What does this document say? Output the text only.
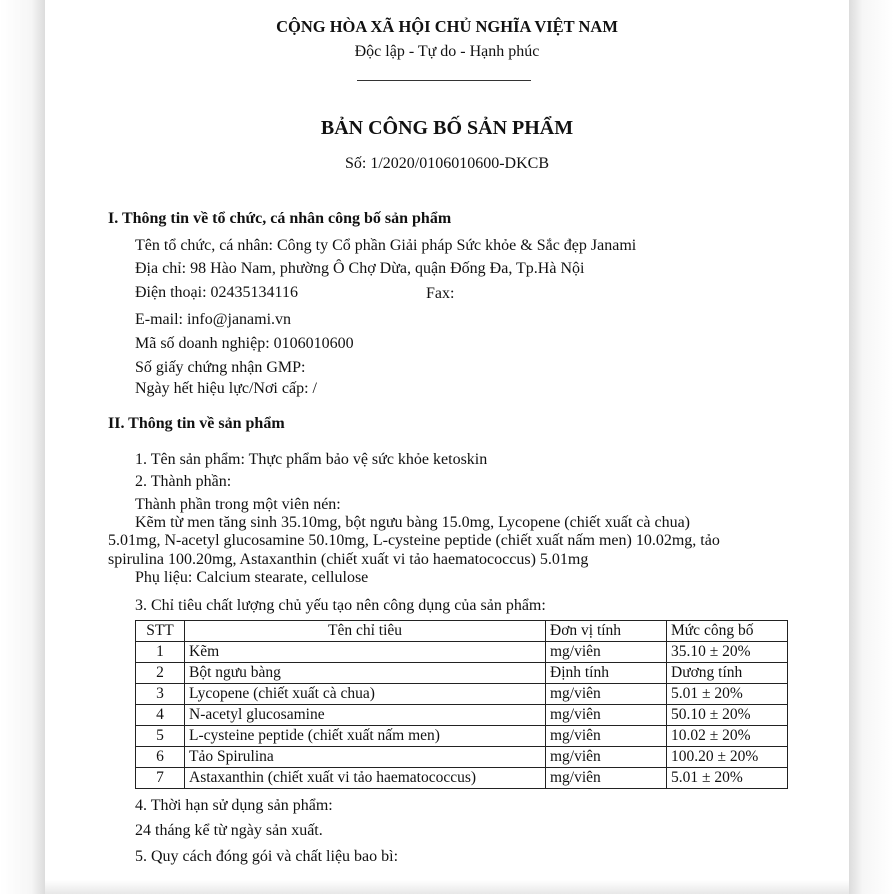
CỘNG HÒA XÃ HỘI CHỦ NGHĨA VIỆT NAM
Độc lập - Tự do - Hạnh phúc
BẢN CÔNG BỐ SẢN PHẨM
Số: 1/2020/0106010600-DKCB
I. Thông tin về tổ chức, cá nhân công bố sản phẩm
Tên tổ chức, cá nhân: Công ty Cổ phần Giải pháp Sức khỏe & Sắc đẹp Janami
Địa chỉ: 98 Hào Nam, phường Ô Chợ Dừa, quận Đống Đa, Tp.Hà Nội
Điện thoại: 02435134116	Fax:
E-mail: info@janami.vn
Mã số doanh nghiệp: 0106010600
Số giấy chứng nhận GMP:
Ngày hết hiệu lực/Nơi cấp: /
II. Thông tin về sản phẩm
1. Tên sản phẩm: Thực phẩm bảo vệ sức khỏe ketoskin
2. Thành phần:
Thành phần trong một viên nén:
Kẽm từ men tăng sinh 35.10mg, bột ngưu bàng 15.0mg, Lycopene (chiết xuất cà chua)
5.01mg, N-acetyl glucosamine 50.10mg, L-cysteine peptide (chiết xuất nấm men) 10.02mg, tảo
spirulina 100.20mg, Astaxanthin (chiết xuất vi tảo haematococcus) 5.01mg
Phụ liệu: Calcium stearate, cellulose
3. Chỉ tiêu chất lượng chủ yếu tạo nên công dụng của sản phẩm:
STT	Tên chỉ tiêu	Đơn vị tính	Mức công bố
1	Kẽm	mg/viên	35.10 ± 20%
2	Bột ngưu bàng	Định tính	Dương tính
3	Lycopene (chiết xuất cà chua)	mg/viên	5.01 ± 20%
4	N-acetyl glucosamine	mg/viên	50.10 ± 20%
5	L-cysteine peptide (chiết xuất nấm men)	mg/viên	10.02 ± 20%
6	Tảo Spirulina	mg/viên	100.20 ± 20%
7	Astaxanthin (chiết xuất vi tảo haematococcus)	mg/viên	5.01 ± 20%
4. Thời hạn sử dụng sản phẩm:
24 tháng kể từ ngày sản xuất.
5. Quy cách đóng gói và chất liệu bao bì:
